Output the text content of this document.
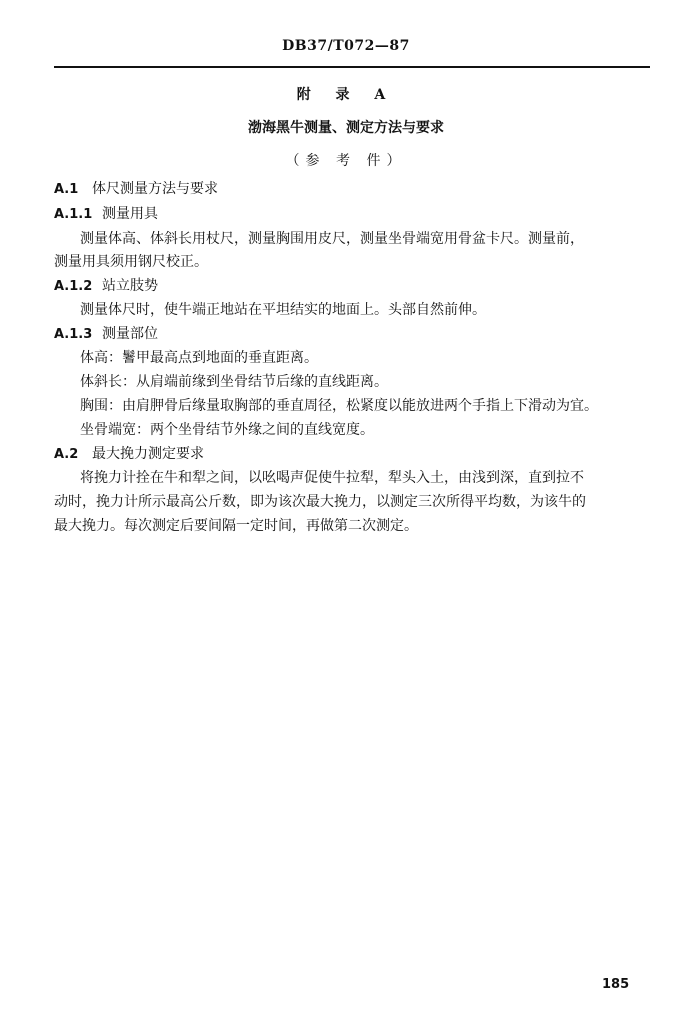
DB37/T072—87
附 录 A
渤海黑牛测量、测定方法与要求
（参 考 件）
A.1 体尺测量方法与要求
A.1.1 测量用具
测量体高、体斜长用杖尺，测量胸围用皮尺，测量坐骨端宽用骨盆卡尺。测量前，
测量用具须用钢尺校正。
A.1.2 站立肢势
测量体尺时，使牛端正地站在平坦结实的地面上。头部自然前伸。
A.1.3 测量部位
体高：鬐甲最高点到地面的垂直距离。
体斜长：从肩端前缘到坐骨结节后缘的直线距离。
胸围：由肩胛骨后缘量取胸部的垂直周径，松紧度以能放进两个手指上下滑动为宜。
坐骨端宽：两个坐骨结节外缘之间的直线宽度。
A.2 最大挽力测定要求
将挽力计拴在牛和犁之间，以吆喝声促使牛拉犁，犁头入土，由浅到深，直到拉不
动时，挽力计所示最高公斤数，即为该次最大挽力，以测定三次所得平均数，为该牛的
最大挽力。每次测定后要间隔一定时间，再做第二次测定。
185
